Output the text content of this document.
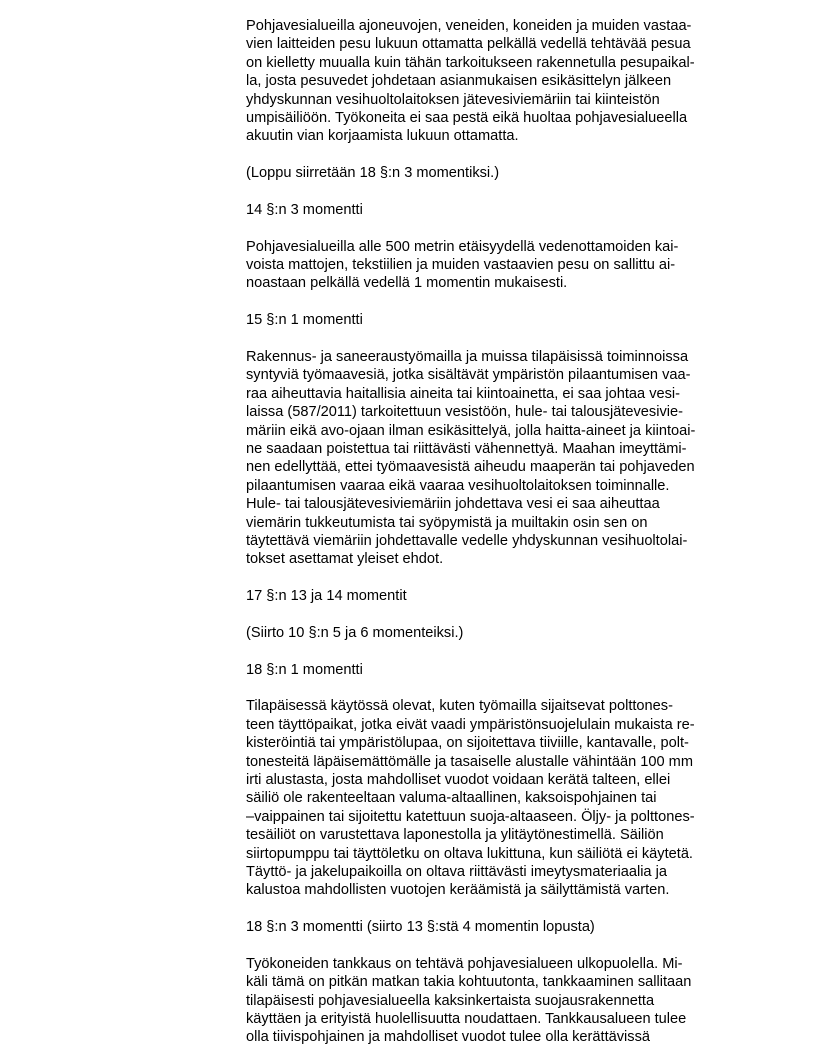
Pohjavesialueilla ajoneuvojen, veneiden, koneiden ja muiden vastaa-
vien laitteiden pesu lukuun ottamatta pelkällä vedellä tehtävää pesua
on kielletty muualla kuin tähän tarkoitukseen rakennetulla pesupaikal-
la, josta pesuvedet johdetaan asianmukaisen esikäsittelyn jälkeen
yhdyskunnan vesihuoltolaitoksen jätevesiviemäriin tai kiinteistön
umpisäiliöön. Työkoneita ei saa pestä eikä huoltaa pohjavesialueella
akuutin vian korjaamista lukuun ottamatta.
(Loppu siirretään 18 §:n 3 momentiksi.)
14 §:n 3 momentti
Pohjavesialueilla alle 500 metrin etäisyydellä vedenottamoiden kai-
voista mattojen, tekstiilien ja muiden vastaavien pesu on sallittu ai-
noastaan pelkällä vedellä 1 momentin mukaisesti.
15 §:n 1 momentti
Rakennus- ja saneeraustyömailla ja muissa tilapäisissä toiminnoissa
syntyviä työmaavesiä, jotka sisältävät ympäristön pilaantumisen vaa-
raa aiheuttavia haitallisia aineita tai kiintoainetta, ei saa johtaa vesi-
laissa (587/2011) tarkoitettuun vesistöön, hule- tai talousjätevesivie-
märiin eikä avo-ojaan ilman esikäsittelyä, jolla haitta-aineet ja kiintoai-
ne saadaan poistettua tai riittävästi vähennettyä. Maahan imeyttämi-
nen edellyttää, ettei työmaavesistä aiheudu maaperän tai pohjaveden
pilaantumisen vaaraa eikä vaaraa vesihuoltolaitoksen toiminnalle.
Hule- tai talousjätevesiviemäriin johdettava vesi ei saa aiheuttaa
viemärin tukkeutumista tai syöpymistä ja muiltakin osin sen on
täytettävä viemäriin johdettavalle vedelle yhdyskunnan vesihuoltolai-
tokset asettamat yleiset ehdot.
17 §:n 13 ja 14 momentit
(Siirto 10 §:n 5 ja 6 momenteiksi.)
18 §:n 1 momentti
Tilapäisessä käytössä olevat, kuten työmailla sijaitsevat polttones-
teen täyttöpaikat, jotka eivät vaadi ympäristönsuojelulain mukaista re-
kisteröintiä tai ympäristölupaa, on sijoitettava tiiviille, kantavalle, polt-
tonesteitä läpäisemättömälle ja tasaiselle alustalle vähintään 100 mm
irti alustasta, josta mahdolliset vuodot voidaan kerätä talteen, ellei
säiliö ole rakenteeltaan valuma-altaallinen, kaksoispohjainen tai
–vaippainen tai sijoitettu katettuun suoja-altaaseen. Öljy- ja polttones-
tesäiliöt on varustettava laponestolla ja ylitäytönestimellä. Säiliön
siirtopumppu tai täyttöletku on oltava lukittuna, kun säiliötä ei käytetä.
Täyttö- ja jakelupaikoilla on oltava riittävästi imeytysmateriaalia ja
kalustoa mahdollisten vuotojen keräämistä ja säilyttämistä varten.
18 §:n 3 momentti (siirto 13 §:stä 4 momentin lopusta)
Työkoneiden tankkaus on tehtävä pohjavesialueen ulkopuolella. Mi-
käli tämä on pitkän matkan takia kohtuutonta, tankkaaminen sallitaan
tilapäisesti pohjavesialueella kaksinkertaista suojausrakennetta
käyttäen ja erityistä huolellisuutta noudattaen. Tankkausalueen tulee
olla tiivispohjainen ja mahdolliset vuodot tulee olla kerättävissä
